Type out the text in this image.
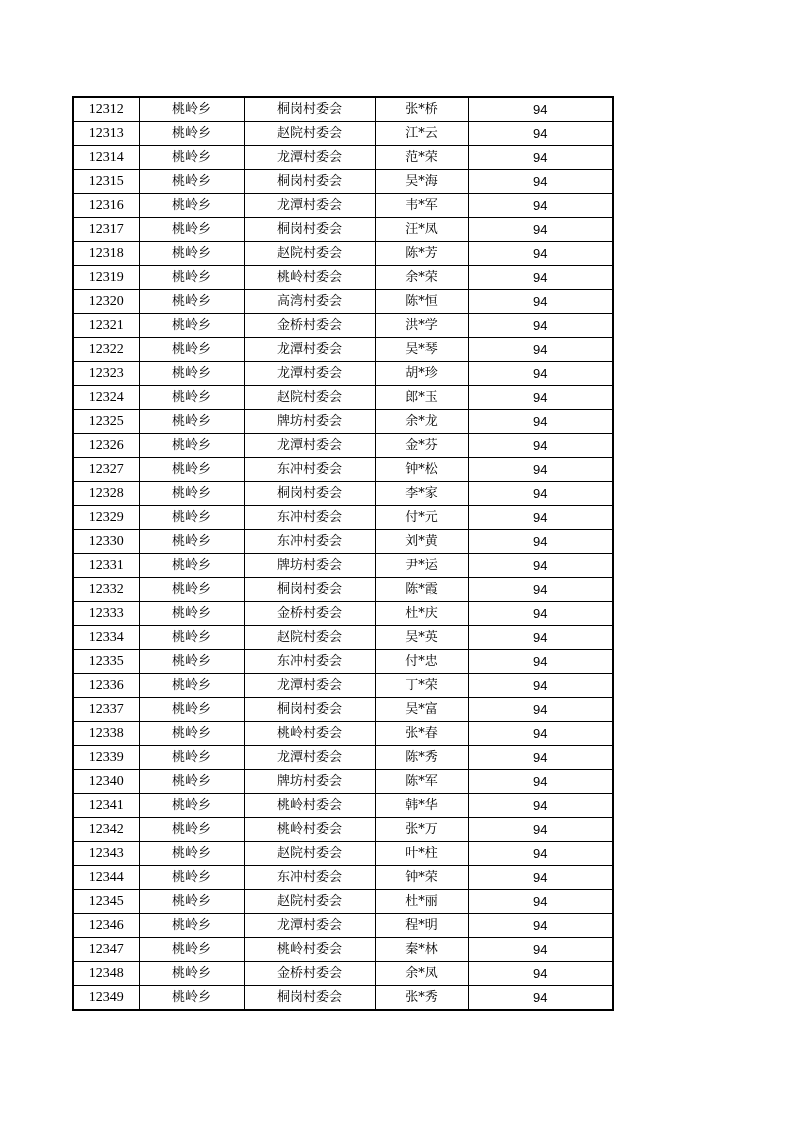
12312	桃岭乡	桐岗村委会	张*桥	94
12313	桃岭乡	赵院村委会	江*云	94
12314	桃岭乡	龙潭村委会	范*荣	94
12315	桃岭乡	桐岗村委会	吴*海	94
12316	桃岭乡	龙潭村委会	韦*军	94
12317	桃岭乡	桐岗村委会	汪*凤	94
12318	桃岭乡	赵院村委会	陈*芳	94
12319	桃岭乡	桃岭村委会	余*荣	94
12320	桃岭乡	高湾村委会	陈*恒	94
12321	桃岭乡	金桥村委会	洪*学	94
12322	桃岭乡	龙潭村委会	吴*琴	94
12323	桃岭乡	龙潭村委会	胡*珍	94
12324	桃岭乡	赵院村委会	郎*玉	94
12325	桃岭乡	牌坊村委会	余*龙	94
12326	桃岭乡	龙潭村委会	金*芬	94
12327	桃岭乡	东冲村委会	钟*松	94
12328	桃岭乡	桐岗村委会	李*家	94
12329	桃岭乡	东冲村委会	付*元	94
12330	桃岭乡	东冲村委会	刘*黄	94
12331	桃岭乡	牌坊村委会	尹*运	94
12332	桃岭乡	桐岗村委会	陈*霞	94
12333	桃岭乡	金桥村委会	杜*庆	94
12334	桃岭乡	赵院村委会	吴*英	94
12335	桃岭乡	东冲村委会	付*忠	94
12336	桃岭乡	龙潭村委会	丁*荣	94
12337	桃岭乡	桐岗村委会	吴*富	94
12338	桃岭乡	桃岭村委会	张*春	94
12339	桃岭乡	龙潭村委会	陈*秀	94
12340	桃岭乡	牌坊村委会	陈*军	94
12341	桃岭乡	桃岭村委会	韩*华	94
12342	桃岭乡	桃岭村委会	张*万	94
12343	桃岭乡	赵院村委会	叶*柱	94
12344	桃岭乡	东冲村委会	钟*荣	94
12345	桃岭乡	赵院村委会	杜*丽	94
12346	桃岭乡	龙潭村委会	程*明	94
12347	桃岭乡	桃岭村委会	秦*林	94
12348	桃岭乡	金桥村委会	余*凤	94
12349	桃岭乡	桐岗村委会	张*秀	94
